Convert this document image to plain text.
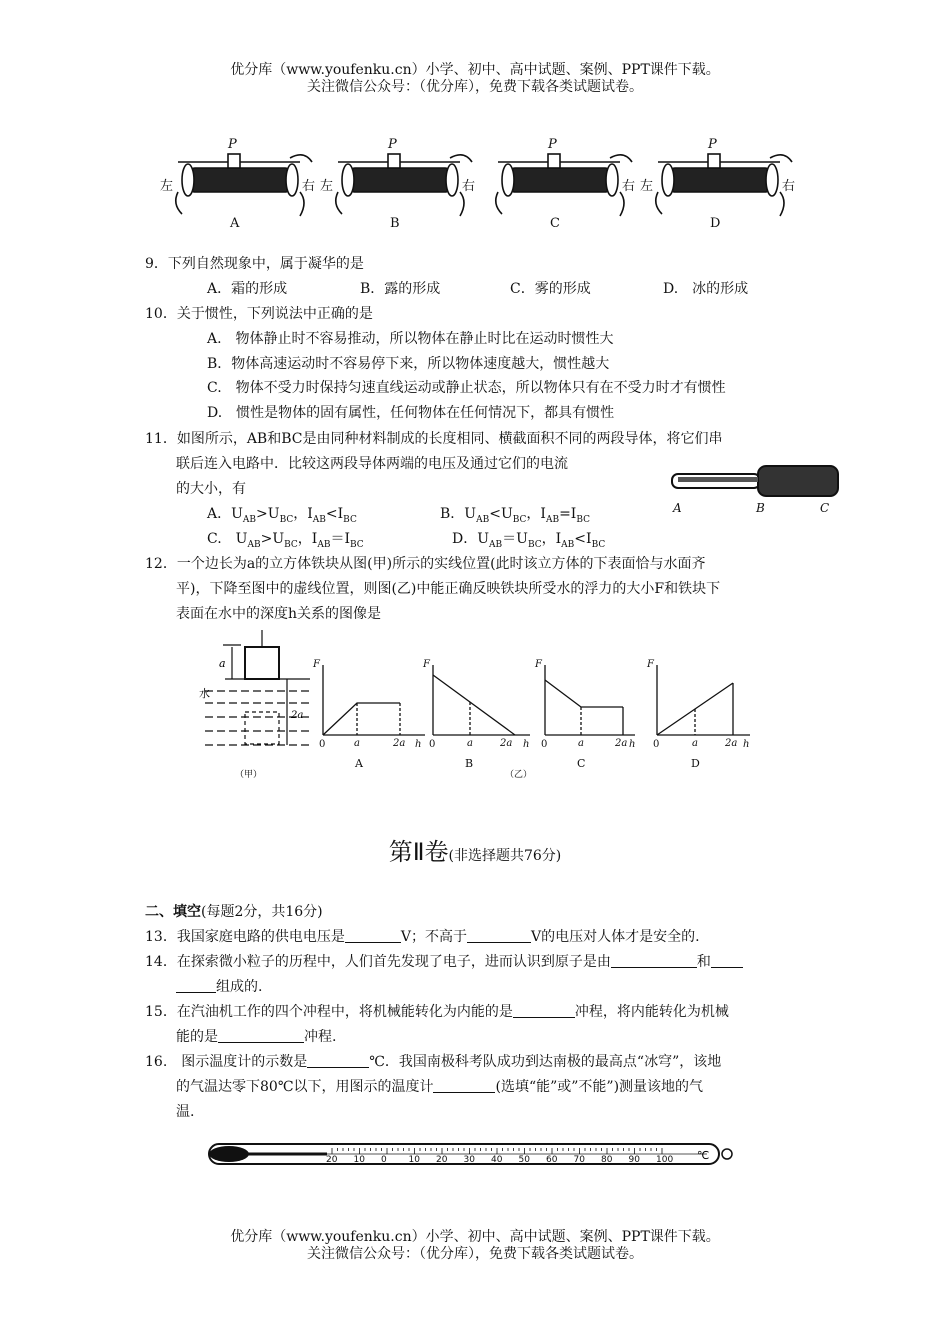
优分库（www.youfenku.cn）小学、初中、高中试题、案例、PPT课件下载。
关注微信公众号：（优分库），免费下载各类试题试卷。
P
左	右
A
P
左	右
B
P
右
C
P
左	右
D
9．下列自然现象中，属于凝华的是
A．霜的形成	B．露的形成	C．雾的形成	D.　冰的形成
10．关于惯性，下列说法中正确的是
A.　物体静止时不容易推动，所以物体在静止时比在运动时惯性大
B．物体高速运动时不容易停下来，所以物体速度越大，惯性越大
C.　物体不受力时保持匀速直线运动或静止状态，所以物体只有在不受力时才有惯性
D.　惯性是物体的固有属性，任何物体在任何情况下，都具有惯性
11．如图所示，AB和BC是由同种材料制成的长度相同、横截面积不同的两段导体，将它们串
联后连入电路中．比较这两段导体两端的电压及通过它们的电流
的大小，有
A．$U_{AB}>U_{BC}$，$I_{AB}<I_{BC}$	B．$U_{AB}<U_{BC}$，$I_{AB}=I_{BC}$
C.　$U_{AB}>U_{BC}$，$I_{AB}=I_{BC}$	D．$U_{AB}=U_{BC}$，$I_{AB}<I_{BC}$
A	B	C
12．一个边长为a的立方体铁块从图(甲)所示的实线位置(此时该立方体的下表面恰与水面齐
平)，下降至图中的虚线位置，则图(乙)中能正确反映铁块所受水的浮力的大小F和铁块下
表面在水中的深度h关系的图像是
a
水
2a
（甲）
F
0	a	2a h
F
0	a	2a h
F
0	a	2a h
F
0	a	2a h
A	B	C	D
（乙）
第Ⅱ卷(非选择题共76分)
二、填空(每题2分，共16分)
13．我国家庭电路的供电电压是	V；不高于	V的电压对人体才是安全的.
14．在探索微小粒子的历程中，人们首先发现了电子，进而认识到原子是由	和
组成的.
15．在汽油机工作的四个冲程中，将机械能转化为内能的是	冲程，将内能转化为机械
能的是	冲程.
16.　图示温度计的示数是	℃．我国南极科考队成功到达南极的最高点“冰穹”，该地
的气温达零下80℃以下，用图示的温度计	(选填“能”或”不能”)测量该地的气
温.
20 10 0 10 20 30 40 50 60 70 80 90 100 ℃
优分库（www.youfenku.cn）小学、初中、高中试题、案例、PPT课件下载。
关注微信公众号：（优分库），免费下载各类试题试卷。
